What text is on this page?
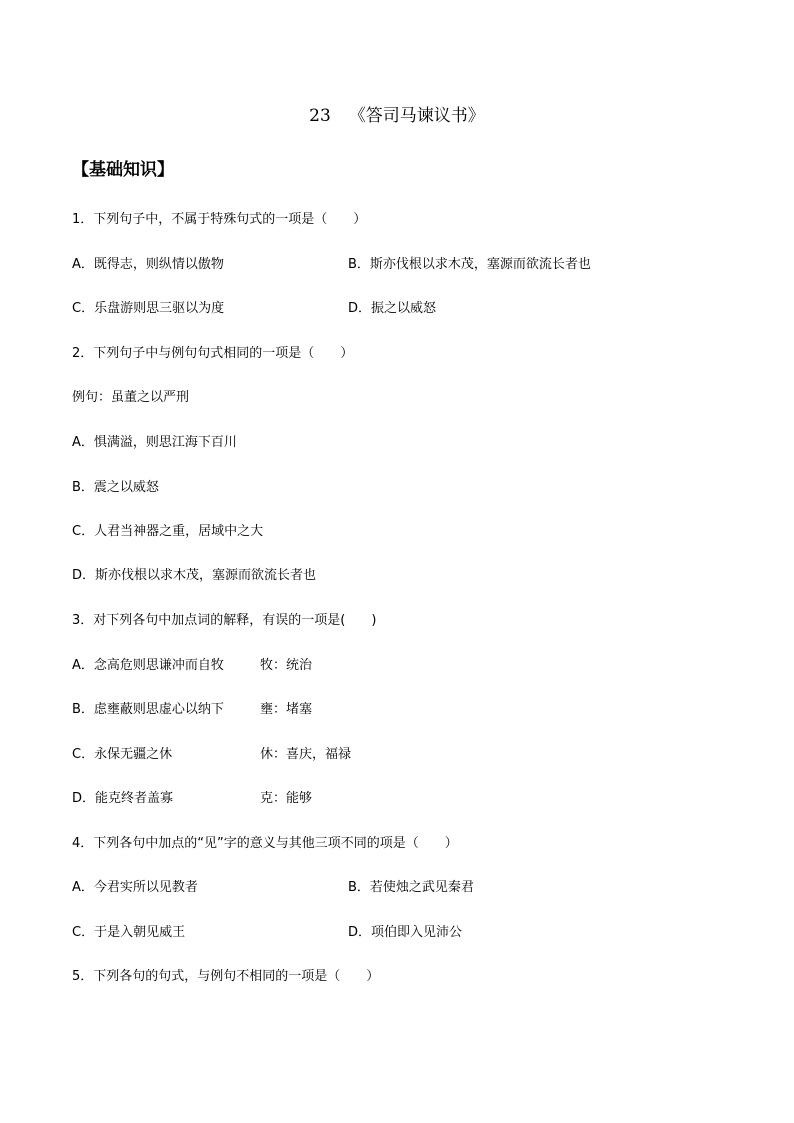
23 《答司马谏议书》
【基础知识】
1．下列句子中，不属于特殊句式的一项是（　　）
A．既得志，则纵情以傲物	B．斯亦伐根以求木茂，塞源而欲流长者也
C．乐盘游则思三驱以为度	D．振之以威怒
2．下列句子中与例句句式相同的一项是（　　）
例句：虽董之以严刑
A．惧满溢，则思江海下百川
B．震之以威怒
C．人君当神器之重，居域中之大
D．斯亦伐根以求木茂，塞源而欲流长者也
3．对下列各句中加点词的解释，有误的一项是(　　)
A．念高危则思谦冲而自牧	牧：统治
B．虑壅蔽则思虚心以纳下	壅：堵塞
C．永保无疆之休	休：喜庆，福禄
D．能克终者盖寡	克：能够
4．下列各句中加点的“见”字的意义与其他三项不同的项是（　　）
A．今君实所以见教者	B．若使烛之武见秦君
C．于是入朝见威王	D．项伯即入见沛公
5．下列各句的句式，与例句不相同的一项是（　　）
